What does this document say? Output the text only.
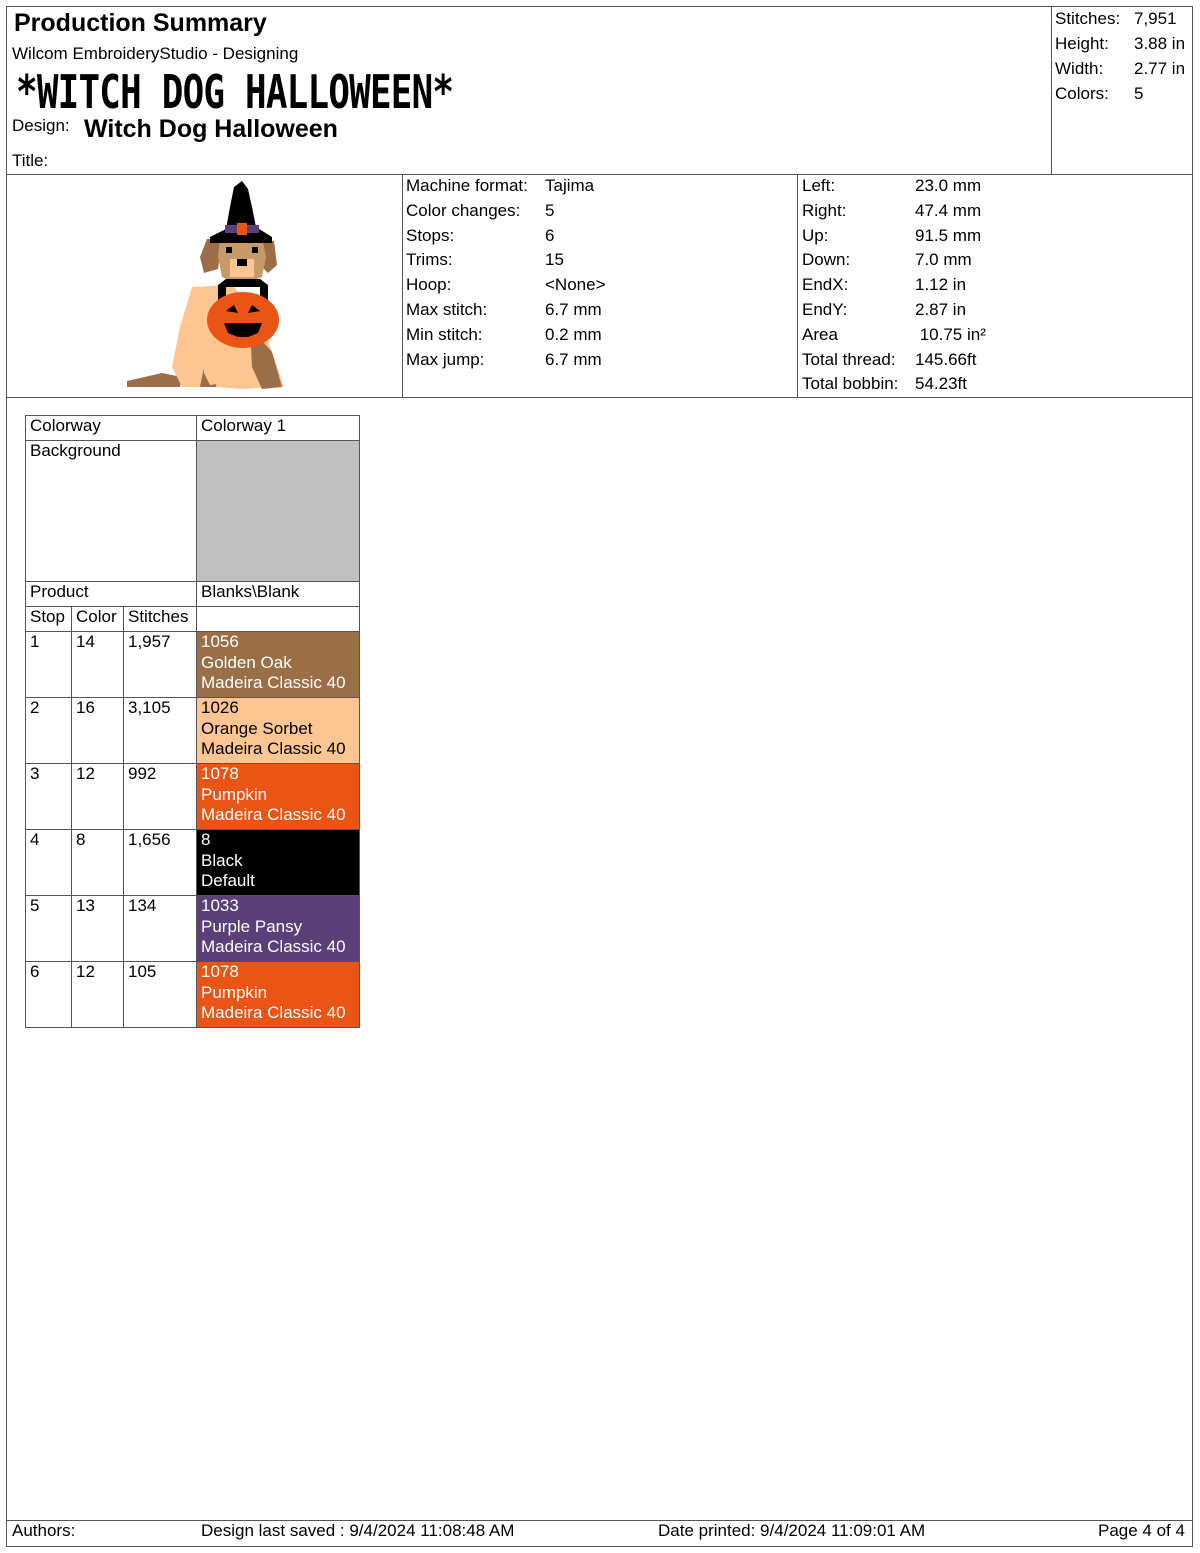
Production Summary
Wilcom EmbroideryStudio - Designing
*WITCH DOG HALLOWEEN*
Design: Witch Dog Halloween
Title:
Stitches: 7,951
Height: 3.88 in
Width: 2.77 in
Colors: 5
Machine format: Tajima
Color changes: 5
Stops:	6
Trims:	15
Hoop:	<None>
Max stitch:	6.7 mm
Min stitch:	0.2 mm
Max jump:	6.7 mm
Left:	23.0 mm
Right:	47.4 mm
Up:	91.5 mm
Down:	7.0 mm
EndX:	1.12 in
EndY:	2.87 in
Area	10.75 in²
Total thread: 145.66ft
Total bobbin: 54.23ft
Colorway			Colorway 1
Background			
Product			Blanks\Blank
Stop	Color	Stitches	
1	14	1,957	1056
Golden Oak
Madeira Classic 40

2	16	3,105	1026
Orange Sorbet
Madeira Classic 40

3	12	992	1078
Pumpkin
Madeira Classic 40

4	8	1,656	8
Black
Default

5	13	134	1033
Purple Pansy
Madeira Classic 40

6	12	105	1078
Pumpkin
Madeira Classic 40
Authors:	Design last saved : 9/4/2024 11:08:48 AM	Date printed: 9/4/2024 11:09:01 AM	Page 4 of 4
